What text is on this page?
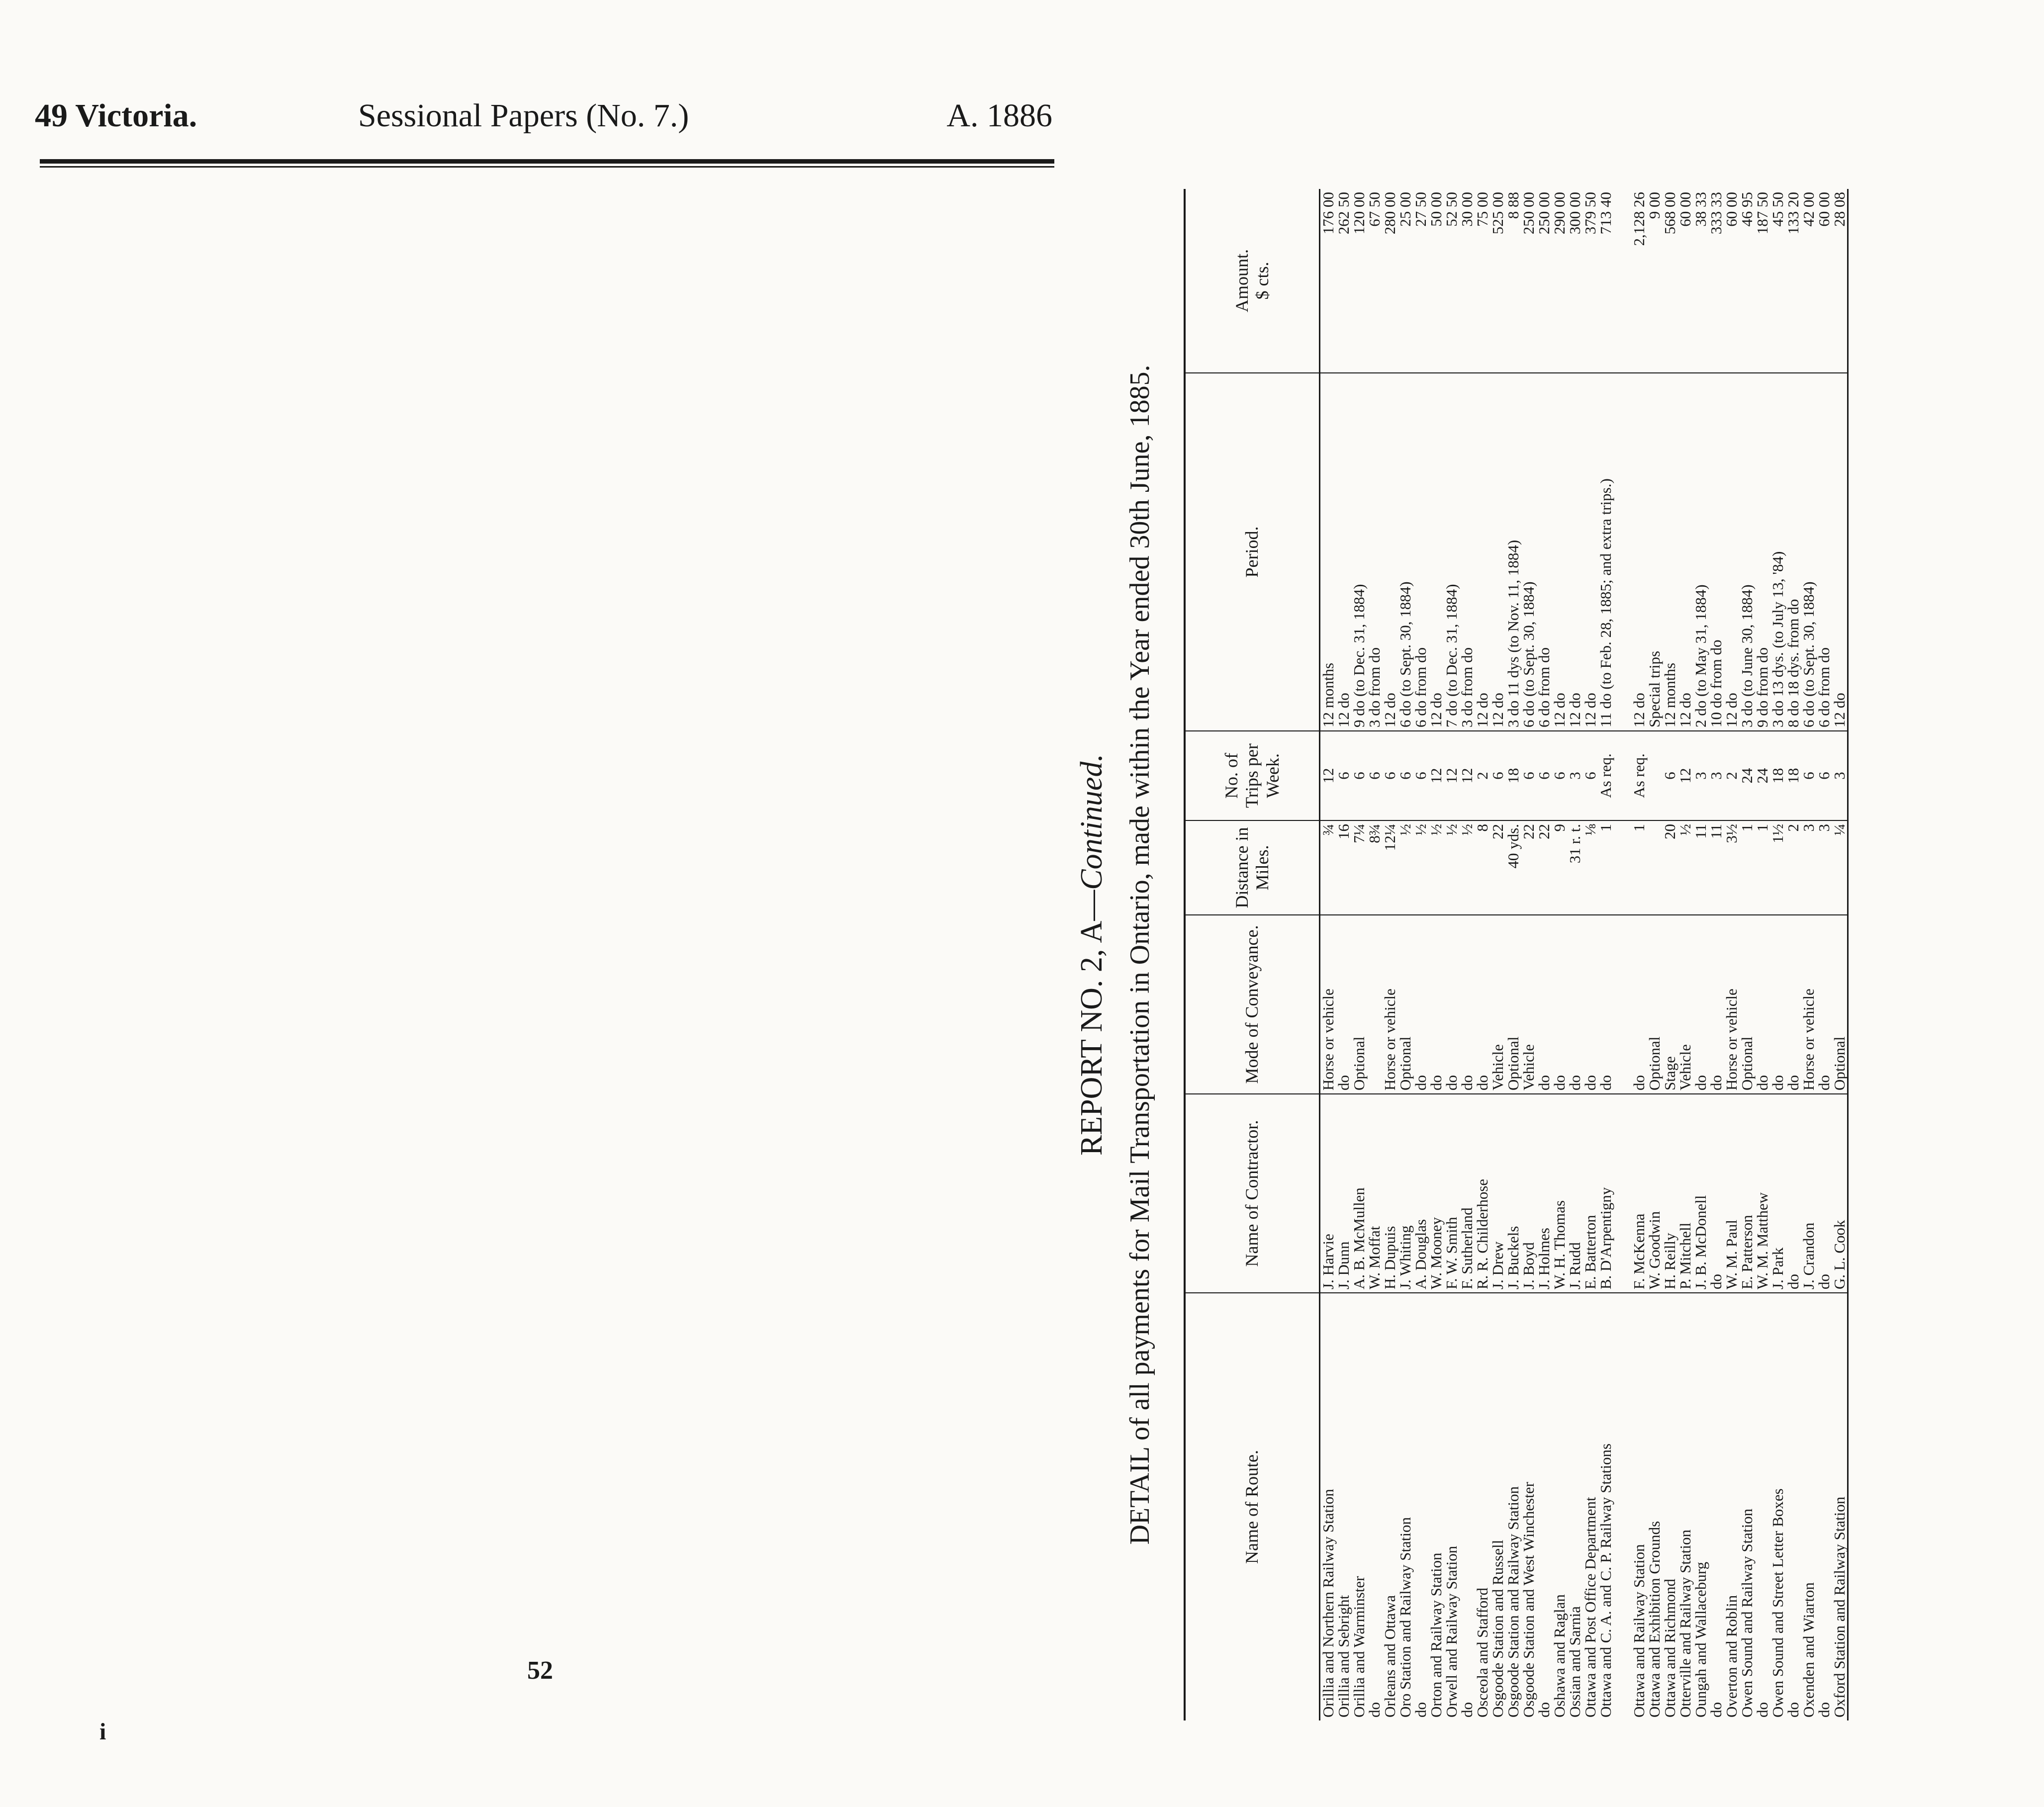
49 Victoria.	Sessional Papers (No. 7.)	A. 1886
i
52
REPORT NO. 2, A—Continued. DETAIL of all payments for Mail Transportation in Ontario, made within the Year ended 30th June, 1885.	Name of Route.	Name of Contractor.	Mode of Conveyance.	Distance in Miles.	No. of Trips per Week.	Period.	Amount.
$ cts.
Orillia and Northern Railway Station	J. Harvie	Horse or vehicle	¾	12	12 months	176 00
Orillia and Sebright	J. Dunn	do	16	6	12 do	262 50
Orillia and Warminster	A. B. McMullen	Optional	7¼	6	9 do (to Dec. 31, 1884)	120 00
do	W. Moffat		8¾	6	3 do from do	67 50
Orleans and Ottawa	H. Dupuis	Horse or vehicle	12¼	6	12 do	280 00
Oro Station and Railway Station	J. Whiting	Optional	½	6	6 do (to Sept. 30, 1884)	25 00
do	A. Douglas	do	½	6	6 do from do	27 50
Orton and Railway Station	W. Mooney	do	½	12	12 do	50 00
Orwell and Railway Station	F. W. Smith	do	½	12	7 do (to Dec. 31, 1884)	52 50
do	F. Sutherland	do	½	12	3 do from do	30 00
Osceola and Stafford	R. R. Childerhose	do	8	2	12 do	75 00
Osgoode Station and Russell	J. Drew	Vehicle	22	6	12 do	525 00
Osgoode Station and Railway Station	J. Buckels	Optional	40 yds.	18	3 do 11 dys (to Nov. 11, 1884)	8 88
Osgoode Station and West Winchester	J. Boyd	Vehicle	22	6	6 do (to Sept. 30, 1884)	250 00
do	J. Holmes	do	22	6	6 do from do	250 00
Oshawa and Raglan	W. H. Thomas	do	9	6	12 do	290 00
Ossian and Sarnia	J. Rudd	do	31 r. t.	3	12 do	300 00
Ottawa and Post Office Department	E. Batterton	do	⅛	6	12 do	379 50
Ottawa and C. A. and C. P. Railway Stations	B. D'Arpentigny	do	1	As req.	11 do (to Feb. 28, 1885; and extra trips.)	713 40

Ottawa and Railway Station	F. McKenna	do	1	As req.	12 do	2,128 26
Ottawa and Exhibition Grounds	W. Goodwin	Optional			Special trips	9 00
Ottawa and Richmond	H. Reilly	Stage	20	6	12 months	568 00
Otterville and Railway Station	P. Mitchell	Vehicle	½	12	12 do	60 00
Oungah and Wallaceburg	J. B. McDonell	do	11	3	2 do (to May 31, 1884)	38 33
do	do	do	11	3	10 do from do	333 33
Overton and Roblin	W. M. Paul	Horse or vehicle	3½	2	12 do	60 00
Owen Sound and Railway Station	E. Patterson	Optional	1	24	3 do (to June 30, 1884)	46 95
do	W. M. Matthew	do	1	24	9 do from do	187 50
Owen Sound and Street Letter Boxes	J. Park	do	1½	18	3 do 13 dys. (to July 13, '84)	45 50
do	do	do	2	18	8 do 18 dys. from do	133 20
Oxenden and Wiarton	J. Crandon	Horse or vehicle	3	6	6 do (to Sept. 30, 1884)	42 00
do	do	do	3	6	6 do from do	60 00
Oxford Station and Railway Station	G. L. Cook	Optional	¼	3	12 do	28 08
